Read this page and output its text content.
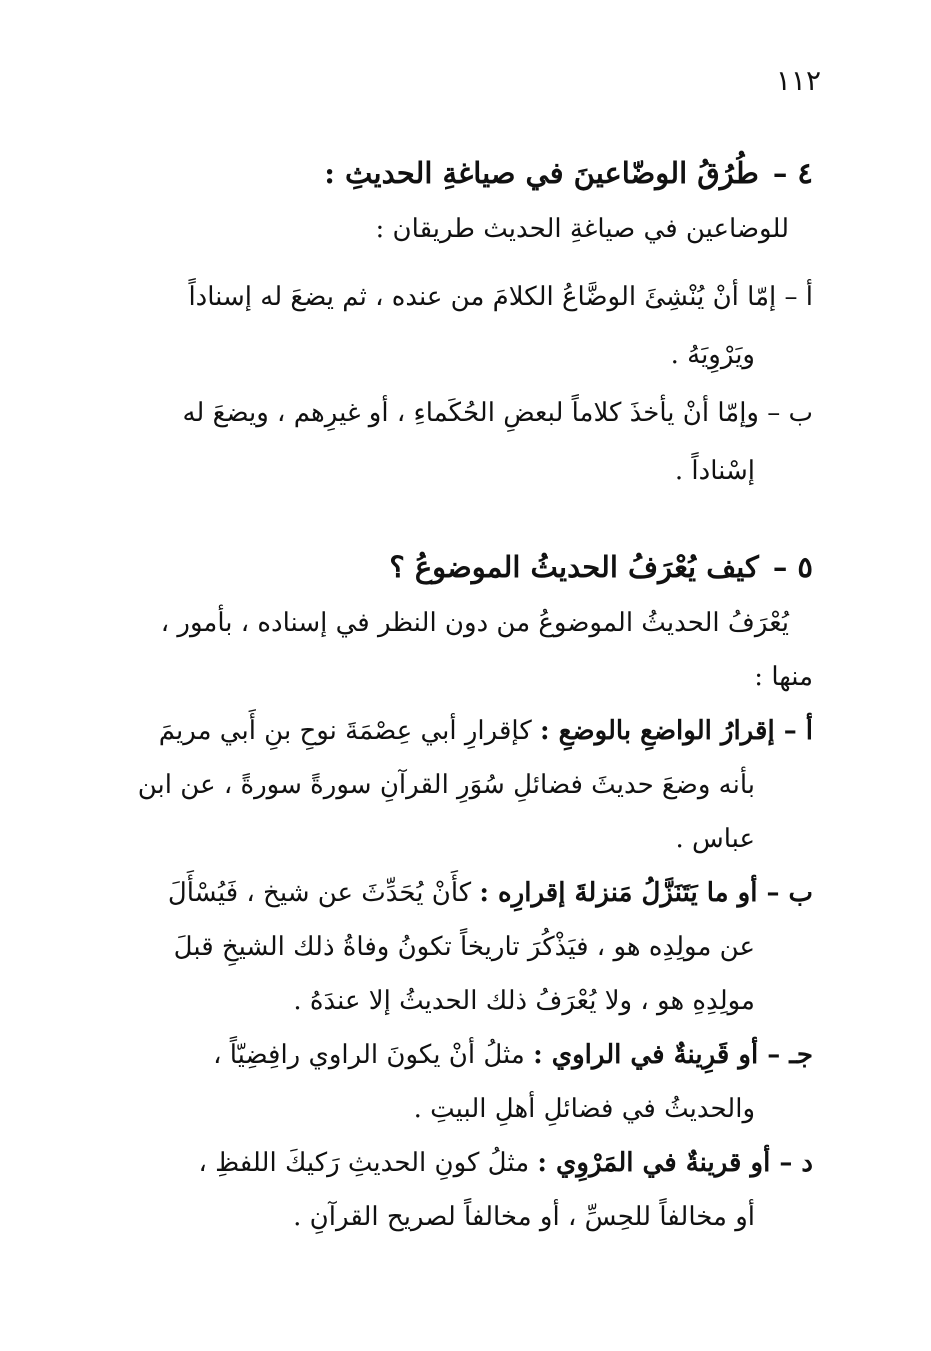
١١٢
٤ –طُرُقُ الوضّاعينَ في صياغةِ الحديثِ :
للوضاعين في صياغةِ الحديث طريقان :
أ – إمّا أنْ يُنْشِئَ الوضَّاعُ الكلامَ من عنده ، ثم يضعَ له إسناداً
ويَرْوِيَهُ .
ب – وإمّا أنْ يأخذَ كلاماً لبعضِ الحُكَماءِ ، أو غيرِهم ، ويضعَ له
إسْناداً .
٥ –كيف يُعْرَفُ الحديثُ الموضوعُ ؟
يُعْرَفُ الحديثُ الموضوعُ من دون النظر في إسناده ، بأمور ،
منها :
أ – إقرارُ الواضعِ بالوضعِ : كإقرارِ أبي عِصْمَةَ نوحِ بنِ أَبي مريمَ
بأنه وضعَ حديثَ فضائلِ سُوَرِ القرآنِ سورةً سورةً ، عن ابن
عباس .
ب – أو ما يَتَنَزَّلُ مَنزلةَ إقرارِه : كأَنْ يُحَدِّثَ عن شيخ ، فَيُسْأَلَ
عن مولِدِه هو ، فيَذْكُرَ تاريخاً تكونُ وفاةُ ذلك الشيخِ قبلَ
مولِدِهِ هو ، ولا يُعْرَفُ ذلك الحديثُ إلا عندَهُ .
جـ – أو قَرِينةٌ في الراوي : مثلُ أنْ يكونَ الراوي رافِضِيّاً ،
والحديثُ في فضائلِ أهلِ البيتِ .
د – أو قرينةٌ في المَرْوِي : مثلُ كونِ الحديثِ رَكيكَ اللفظِ ،
أو مخالفاً للحِسِّ ، أو مخالفاً لصريح القرآنِ .
